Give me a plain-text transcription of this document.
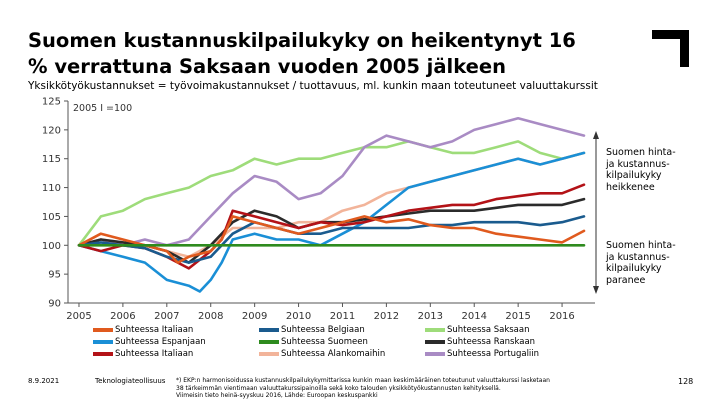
Suomen kustannuskilpailukyky on heikentynyt 16
% verrattuna Saksaan vuoden 2005 jälkeen
Yksikkötyökustannukset = työvoimakustannukset / tuottavuus, ml. kunkin maan toteutuneet valuuttakurssit
90
95
100
105
110
115
120
125
2005 2006 2007 2008 2009 2010 2011 2012 2013 2014 2015 2016
2005 I =100
Suomen hinta-
ja kustannus-
kilpailukyky
heikkenee
Suomen hinta-
ja kustannus-
kilpailukyky
paranee
Suhteessa Italiaan
Suhteessa Espanjaan
Suhteessa Italiaan
Suhteessa Belgiaan
Suhteessa Suomeen
Suhteessa Alankomaihin
Suhteessa Saksaan
Suhteessa Ranskaan
Suhteessa Portugaliin
8.9.2021	Teknologiateollisuus *) EKP:n harmonisoidussa kustannuskilpailukykymittarissa kunkin maan keskimääräinen toteutunut valuuttakurssi lasketaan
38 tärkeimmän vientimaan valuuttakurssipainoilla sekä koko talouden yksikkötyökustannusten kehityksellä.
Viimeisin tieto heinä-syyskuu 2016, Lähde: Euroopan keskuspankki
128
